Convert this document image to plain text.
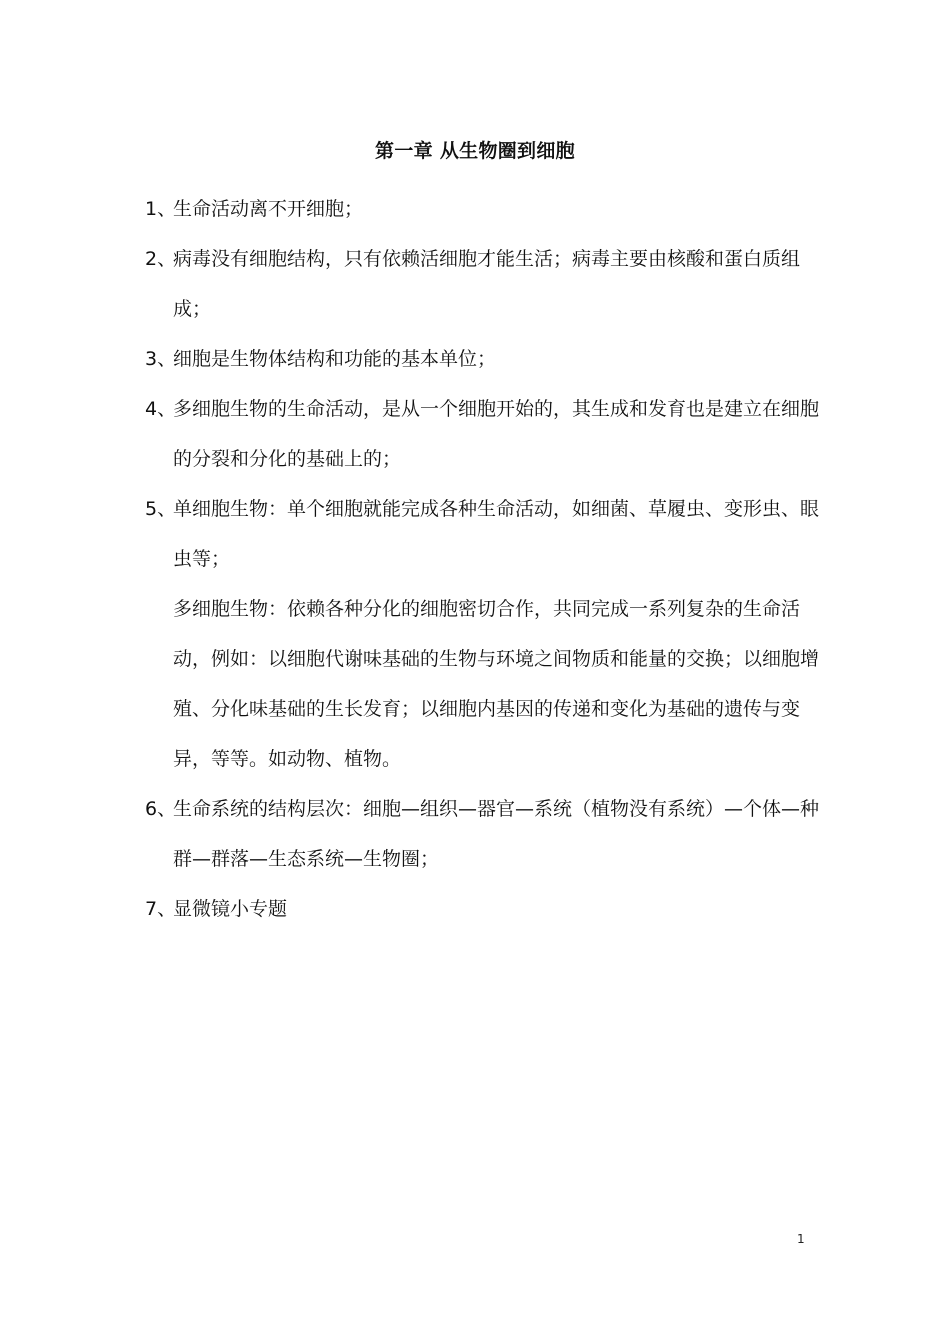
第一章 从生物圈到细胞
1、
生命活动离不开细胞；
2、
病毒没有细胞结构，只有依赖活细胞才能生活；病毒主要由核酸和蛋白质组成；
3、
细胞是生物体结构和功能的基本单位；
4、
多细胞生物的生命活动，是从一个细胞开始的，其生成和发育也是建立在细胞的分裂和分化的基础上的；
5、
单细胞生物：单个细胞就能完成各种生命活动，如细菌、草履虫、变形虫、眼虫等；
多细胞生物：依赖各种分化的细胞密切合作，共同完成一系列复杂的生命活动，例如：以细胞代谢味基础的生物与环境之间物质和能量的交换；以细胞增殖、分化味基础的生长发育；以细胞内基因的传递和变化为基础的遗传与变异，等等。如动物、植物。
6、
生命系统的结构层次：细胞—组织—器官—系统（植物没有系统）—个体—种群—群落—生态系统—生物圈；
7、
显微镜小专题
1
